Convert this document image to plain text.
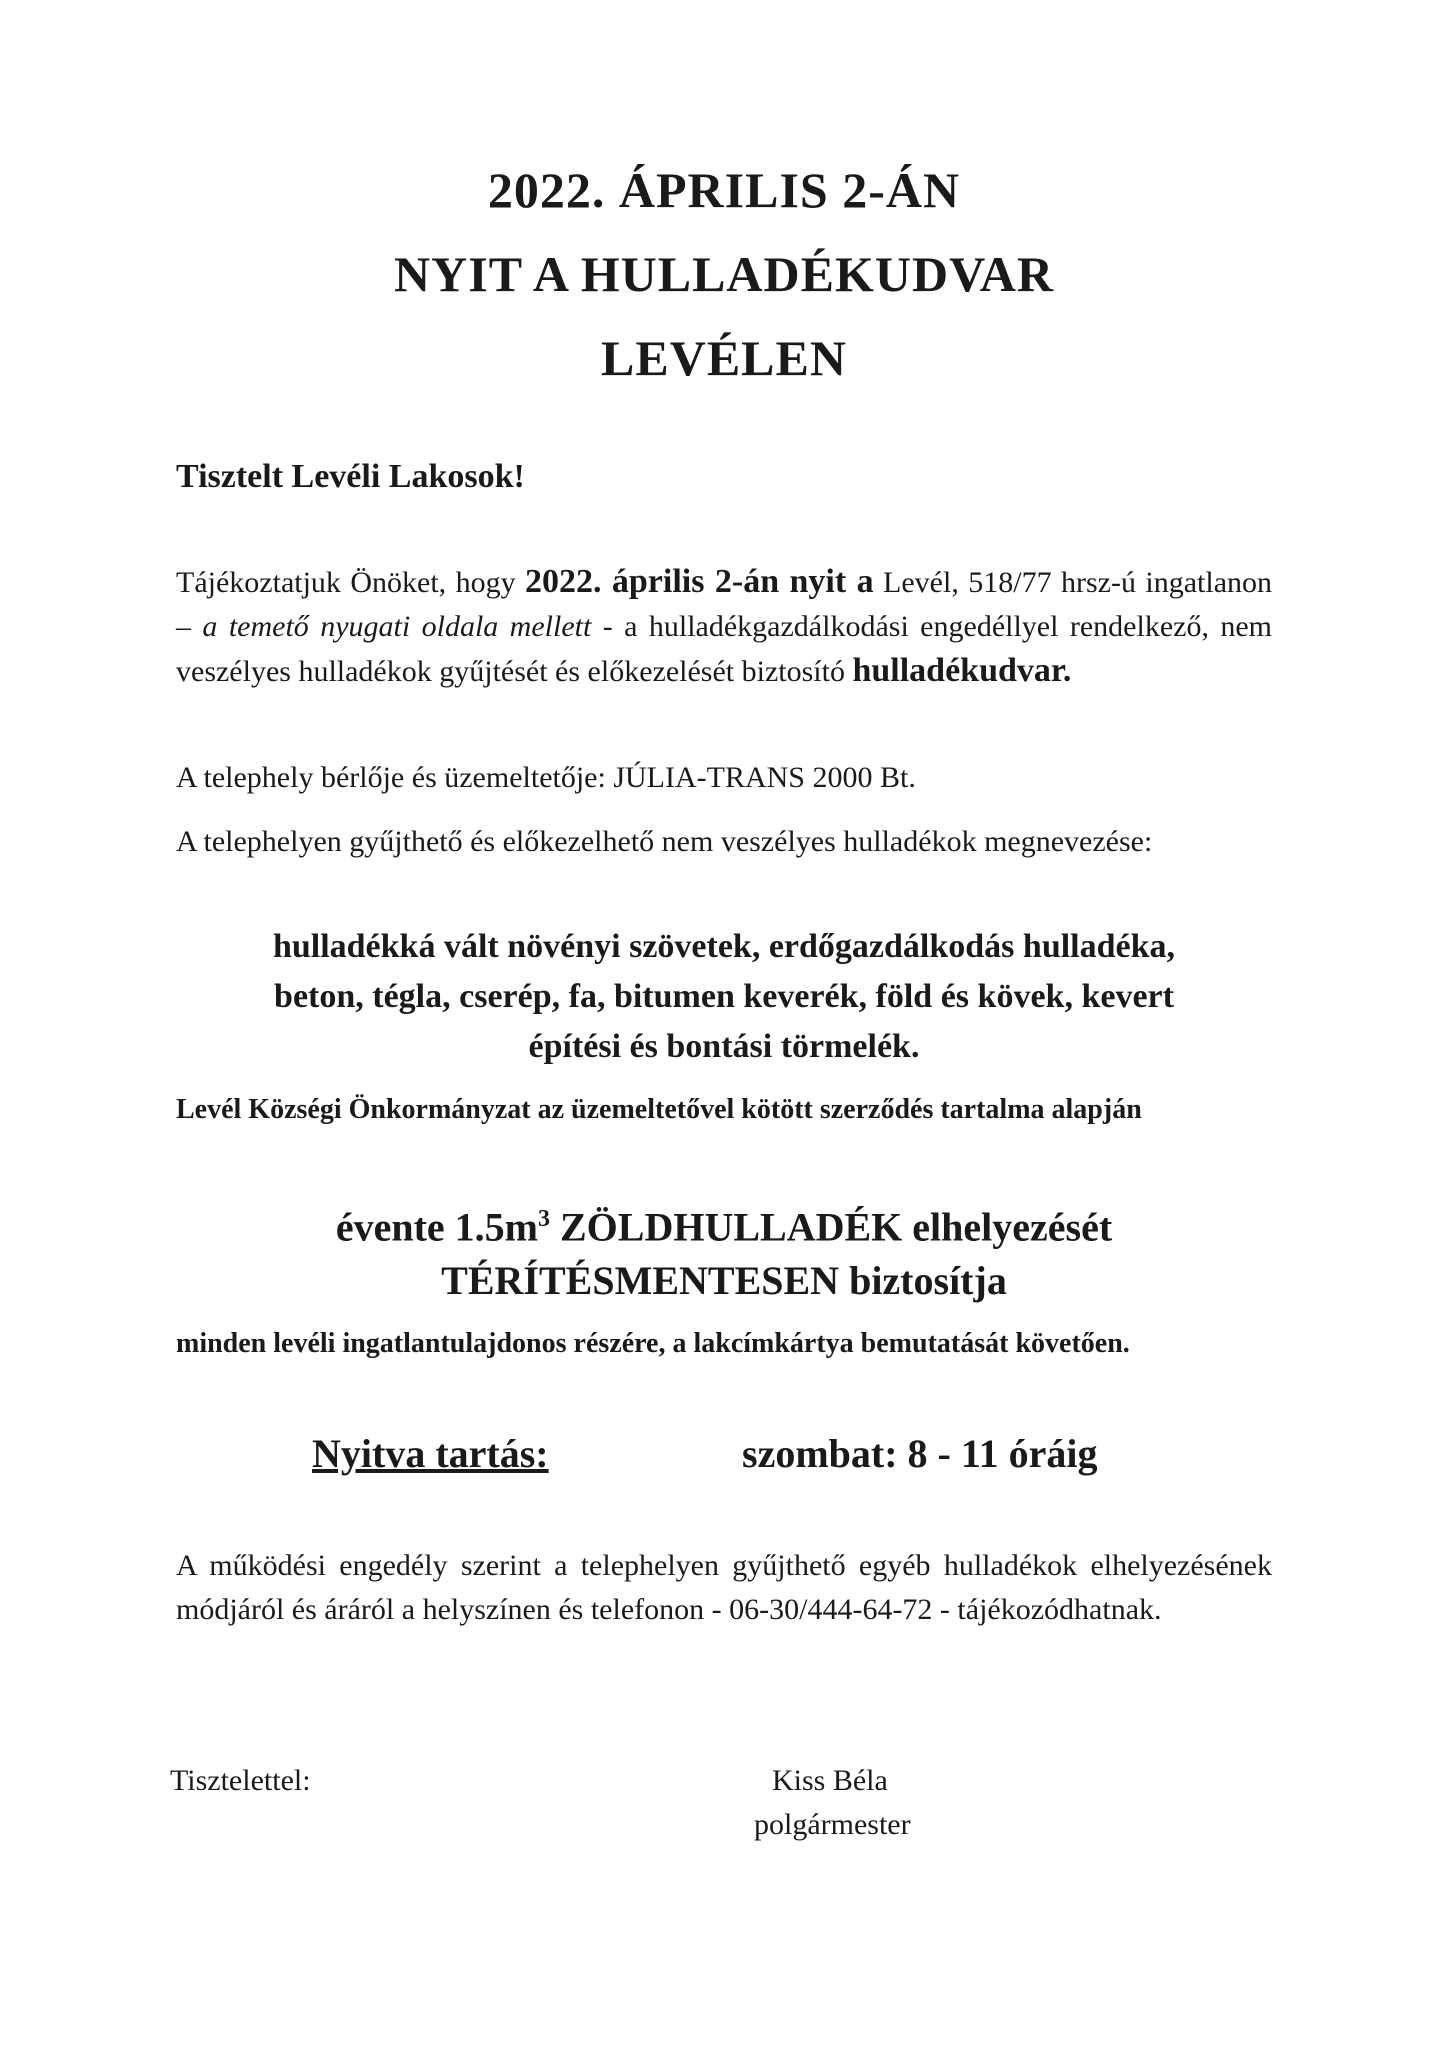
2022. ÁPRILIS 2-ÁN
NYIT A HULLADÉKUDVAR
LEVÉLEN

Tisztelt Levéli Lakosok!

Tájékoztatjuk Önöket, hogy 2022. április 2-án nyit a Levél, 518/77 hrsz-ú ingatlanon – a temető nyugati oldala mellett - a hulladékgazdálkodási engedéllyel rendelkező, nem veszélyes hulladékok gyűjtését és előkezelését biztosító hulladékudvar.

A telephely bérlője és üzemeltetője: JÚLIA-TRANS 2000 Bt.

A telephelyen gyűjthető és előkezelhető nem veszélyes hulladékok megnevezése:

hulladékká vált növényi szövetek, erdőgazdálkodás hulladéka,
beton, tégla, cserép, fa, bitumen keverék, föld és kövek, kevert
építési és bontási törmelék.

Levél Községi Önkormányzat az üzemeltetővel kötött szerződés tartalma alapján

évente $1.5m^3$ ZÖLDHULLADÉK elhelyezését
TÉRÍTÉSMENTESEN biztosítja

minden levéli ingatlantulajdonos részére, a lakcímkártya bemutatását követően.

Nyitva tartás:	szombat: 8 - 11 óráig

A működési engedély szerint a telephelyen gyűjthető egyéb hulladékok elhelyezésének módjáról és áráról a helyszínen és telefonon - 06-30/444-64-72 - tájékozódhatnak.

Tisztelettel:	Kiss Béla

polgármester
